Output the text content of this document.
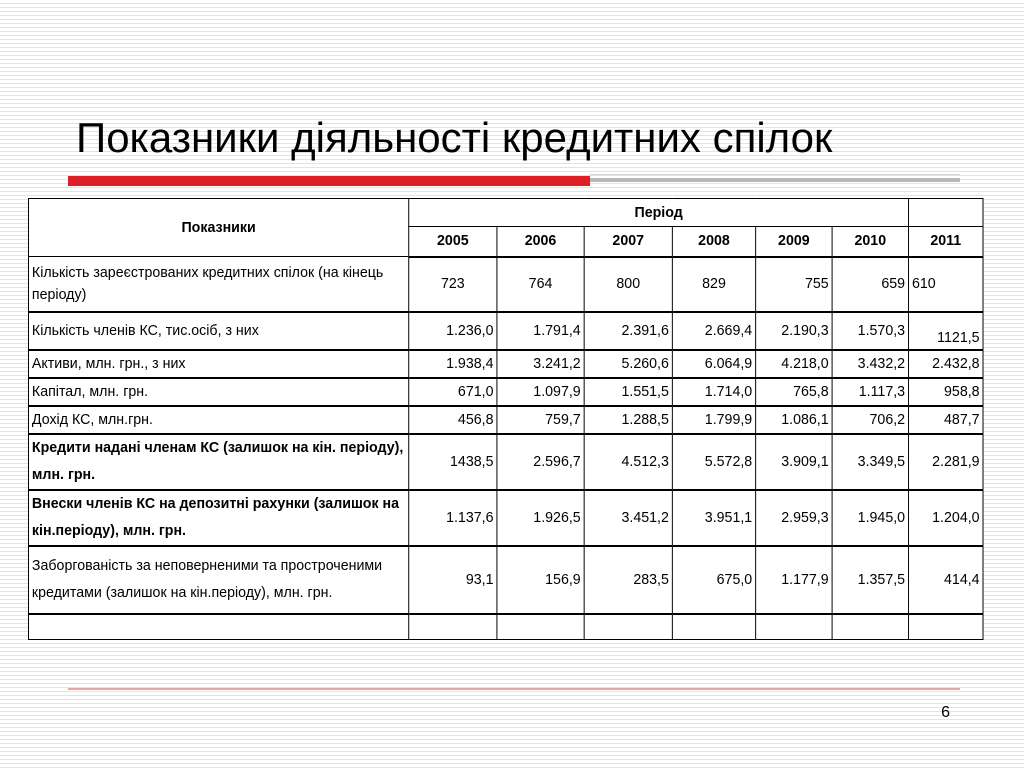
Показники діяльності кредитних спілок
Показники	Період						
	2005	2006	2007	2008	2009	2010	2011
Кількість зареєстрованих кредитних спілок (на кінець періоду)	723	764	800	829	755	659	610
Кількість членів КС, тис.осіб, з них	1.236,0	1.791,4	2.391,6	2.669,4	2.190,3	1.570,3	1121,5
Активи, млн. грн., з них	1.938,4	3.241,2	5.260,6	6.064,9	4.218,0	3.432,2	2.432,8
Капітал, млн. грн.	671,0	1.097,9	1.551,5	1.714,0	765,8	1.117,3	958,8
Дохід КС, млн.грн.	456,8	759,7	1.288,5	1.799,9	1.086,1	706,2	487,7
Кредити надані членам КС (залишок на кін. періоду), млн. грн.	1438,5	2.596,7	4.512,3	5.572,8	3.909,1	3.349,5	2.281,9
Внески членів КС на депозитні рахунки (залишок на кін.періоду), млн. грн.	1.137,6	1.926,5	3.451,2	3.951,1	2.959,3	1.945,0	1.204,0
Заборгованість за неповерненими та простроченими кредитами (залишок на кін.періоду), млн. грн.	93,1	156,9	283,5	675,0	1.177,9	1.357,5	414,4

6
